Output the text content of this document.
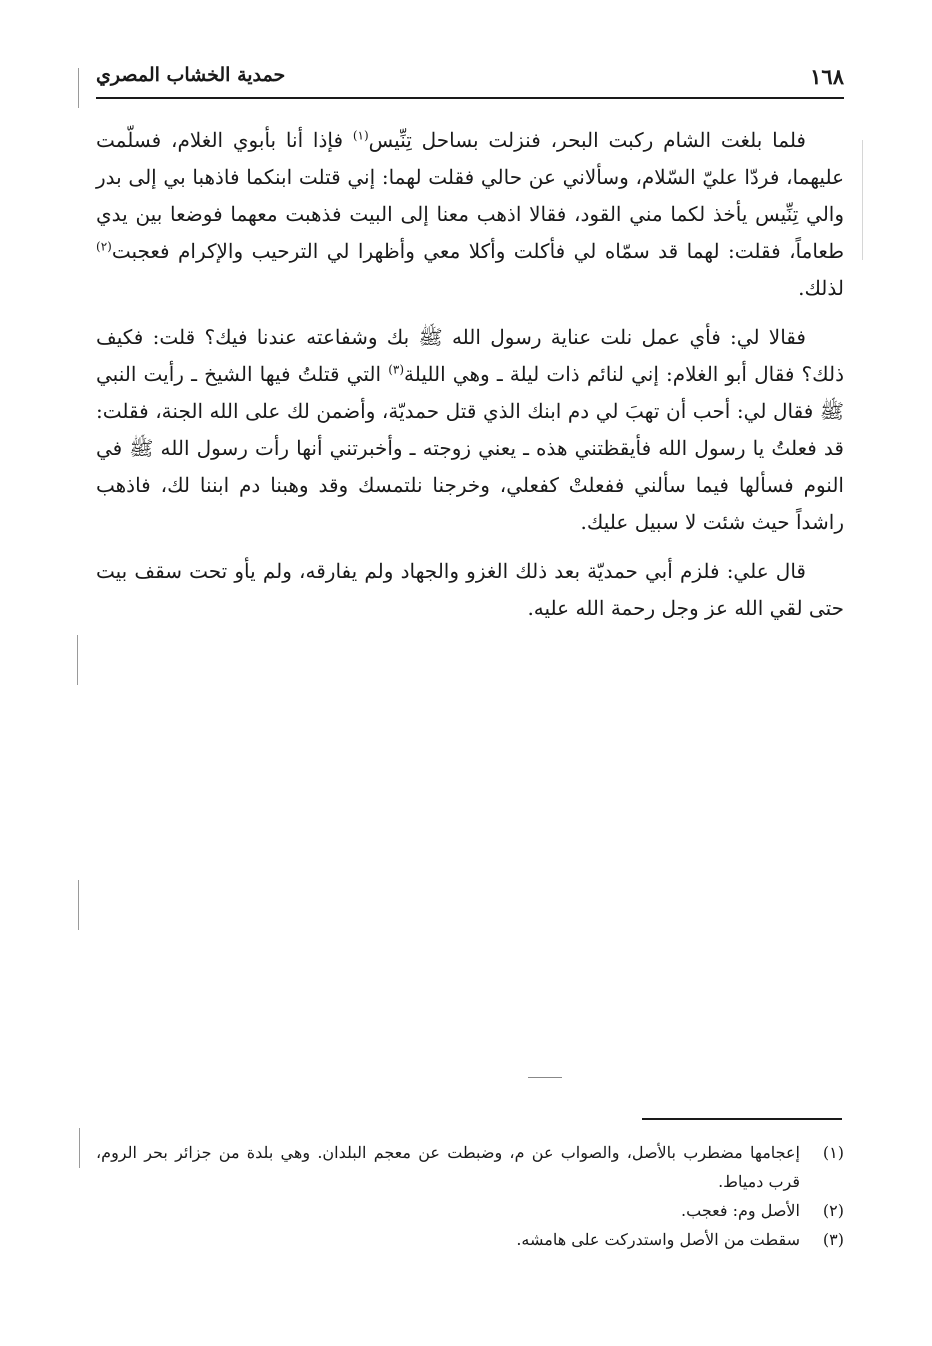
١٦٨
حمدية الخشاب المصري

فلما بلغت الشام ركبت البحر، فنزلت بساحل تِنِّيس$^{(١)}$ فإذا أنا بأبوي الغلام، فسلّمت عليهما، فردّا عليّ السّلام، وسألاني عن حالي فقلت لهما: إني قتلت ابنكما فاذهبا بي إلى بدر والي تِنِّيس يأخذ لكما مني القود، فقالا اذهب معنا إلى البيت فذهبت معهما فوضعا بين يدي طعاماً، فقلت: لهما قد سمّاه لي فأكلت وأكلا معي وأظهرا لي الترحيب والإكرام فعجبت$^{(٢)}$ لذلك.

فقالا لي: فأي عمل نلت عناية رسول الله ﷺ بك وشفاعته عندنا فيك؟ قلت: فكيف ذلك؟ فقال أبو الغلام: إني لنائم ذات ليلة ـ وهي الليلة$^{(٣)}$ التي قتلتُ فيها الشيخ ـ رأيت النبي ﷺ فقال لي: أحب أن تهبَ لي دم ابنك الذي قتل حمديّة، وأضمن لك على الله الجنة، فقلت: قد فعلتُ يا رسول الله فأيقظتني هذه ـ يعني زوجته ـ وأخبرتني أنها رأت رسول الله ﷺ في النوم فسألها فيما سألني ففعلتْ كفعلي، وخرجنا نلتمسك وقد وهبنا دم ابننا لك، فاذهب راشداً حيث شئت لا سبيل عليك.

قال علي: فلزم أبي حمديّة بعد ذلك الغزو والجهاد ولم يفارقه، ولم يأو تحت سقف بيت حتى لقي الله عز وجل رحمة الله عليه.

(١)
إعجامها مضطرب بالأصل، والصواب عن م، وضبطت عن معجم البلدان. وهي بلدة من جزائر بحر الروم، قرب دمياط.
(٢)
الأصل وم: فعجب.
(٣)
سقطت من الأصل واستدركت على هامشه.
